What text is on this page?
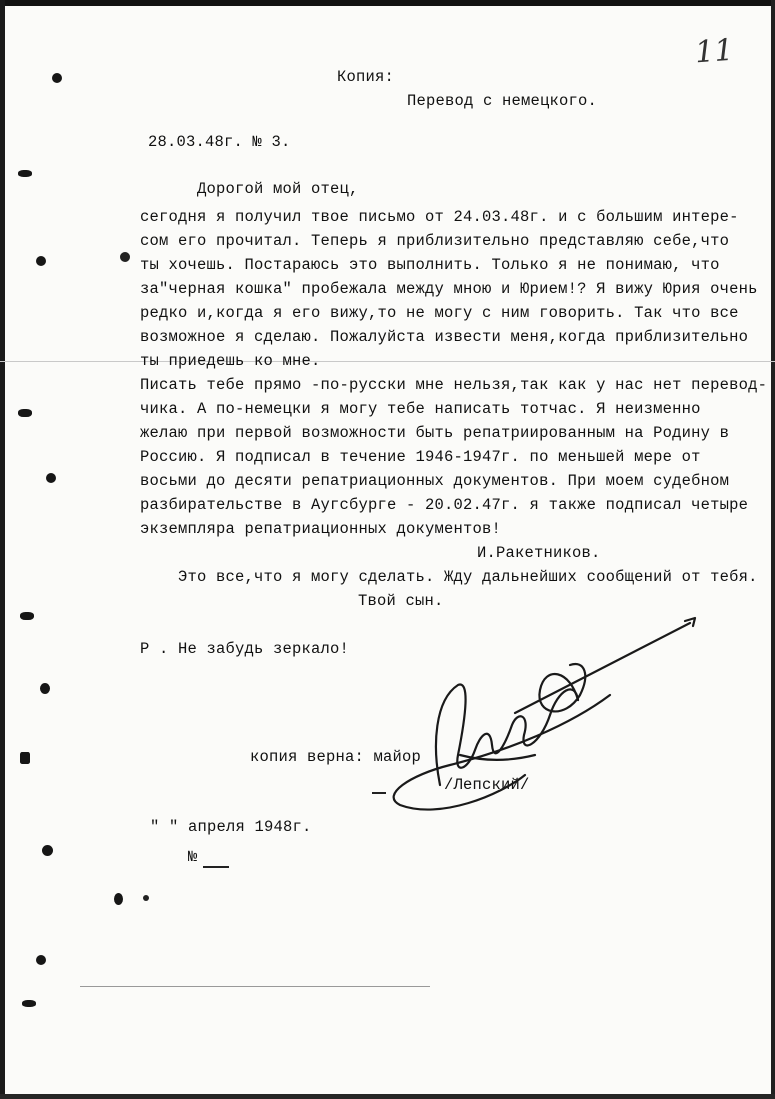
11

Копия:

Перевод с немецкого.

28.03.48г. № 3.

Дорогой мой отец,

сегодня я получил твое письмо от 24.03.48г. и с большим интере-

сом его прочитал. Теперь я приблизительно представляю себе,что

ты хочешь. Постараюсь это выполнить. Только я не понимаю, что

за"черная кошка" пробежала между мною и Юрием!? Я вижу Юрия очень

редко и,когда я его вижу,то не могу с ним говорить. Так что все

возможное я сделаю. Пожалуйста извести меня,когда приблизительно

ты приедешь ко мне.

Писать тебе прямо -по-русски мне нельзя,так как у нас нет перевод-

чика. А по-немецки я могу тебе написать тотчас. Я неизменно

желаю при первой возможности быть репатриированным на Родину в

Россию. Я подписал в течение 1946-1947г. по меньшей мере от

восьми до десяти репатриационных документов. При моем судебном

разбирательстве в Аугсбурге - 20.02.47г. я также подписал четыре

экземпляра репатриационных документов!

И.Ракетников.

Это все,что я могу сделать. Жду дальнейших сообщений от тебя.

Твой сын.

Р . Не забудь зеркало!

копия верна: майор

/Лепский/

" " апреля 1948г.

№
